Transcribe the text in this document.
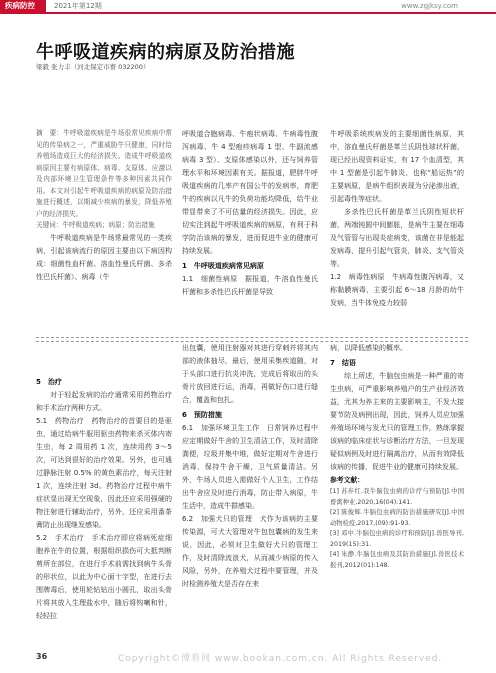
疾病防控	2021年第12期	www.zgjksy.com
牛呼吸道疾病的病原及防治措施
梁毅 张力丰（河北保定市畜 032200）

摘　要：牛呼吸道疾病是牛场很常见疾病中常见的传染病之一，严重威胁牛只健康，同时给养殖场造成巨大的经济损失。造成牛呼吸道疾病原因主要有病原体、病毒、支原体、应激以及内部环境卫生管理条件等多种因素共同作用。本文对引起牛呼吸道疾病的病原及防治措施进行概述，以期减少疾病的暴发，降低养殖户的经济损失。

关键词：牛呼吸道疾病；病原；防治措施

牛呼吸道疾病是牛场常最常见的一类疾病，引起该病流行的原因主要由以下病因构成：细菌性血杆菌、溶血性曼氏杆菌、多杀性巴氏杆菌）、病毒（牛

呼吸道合胞病毒、牛疱状病毒、牛病毒性腹泻病毒、牛 4 型疱疹病毒 1 型、牛副流感病毒 3 型）、支原体感染以外，还与饲养管理水平和环境因素有关。据报道，肥胖牛呼吸道疾病的几率产有国公牛的发病率，育肥牛的疾病以凡牛的负荷功能均降低，给牛业带显带来了不可估量的经济损失。因此，应切实注到起牛呼吸道疾病的病原，有利于科学防治该病的暴发，进而促进牛业的健康可持续发展。

1　牛呼吸道疾病常见病原

1.1　细菌性病原　据报道，牛溶血性曼氏杆菌和多杀性巴氏杆菌是导致

牛呼吸系统疾病发的主要细菌性病原，其中，溶血曼氏杆菌是革兰氏阴性球状杆菌，现已经出现资料证实，有 17 个血清型，其中 1 型菌是引起牛肺炎、也称“船运热”的主要病原，是病牛组织表现为分泌渗出液，引起毒性等症状。

多杀性巴氏杆菌是革兰氏阴性短状杆菌，两端钝圆中间膨胀，是病牛主要在细毒及气管管与出现炎症病变，该菌在非是能起发病毒，提升引起气管炎，肺炎、支气管炎等。

1.2　病毒性病原　牛病毒性腹泻病毒，又称黏膜病毒，主要引起 6～18 月龄的幼牛发病，当牛体免疫力较弱

5　治疗

对于轻起发病的治疗通常采用药物治疗和手术治疗两种方式。

5.1　药物治疗　药物治疗的首要目的是驱虫，通过给病牛服用驱虫药物来杀灭体内寄生虫，每 2 周用药 1 次，连续用药 3～5 次，可达到很好的治疗效果。另外，也可通过静脉注射 0.5% 的黄色素治疗，每天注射 1 次，连续注射 3d。药物治疗过程中病牛症状显出现无空现象，因此还应采用强硬的物注射进行辅助治疗，另外，还应采用番茶膏防止出现继发感染。

5.2　手术治疗　手术治疗即应将病死症细胞养在牛的位置，根据组织损伤可大抵判断剪所在部位，在进行手术前需找到病牛头骨的形状位，以此为中心面十字型，在进行去围牌毒后，使用轮钻钻出小圆孔，取出头骨片将其放入生理盐水中，随后将钩喇和针，轻轻拉

出包囊，使用注射器对其进行穿刺并将其内部的液体抽尽，最后，使用采集疾道随，对于头部口进行抗炎冲洗，完成后将取出的头骨片放回进行运，消毒，再做好伤口进行缝合，覆盖和包扎。

6　预防措施

6.1　加强环境卫生工作　日常饲养过程中应定期做好牛舍的卫生清洁工作，及时清除粪便，垃圾并集中堆，做好定期对牛舍进行消毒，保持牛舍干燥，卫气质量清洁。另外，牛场人员进入需做好个人卫生，工作结出牛舍应及时进行消毒，防止带入病原，牛生活中，造成牛群感染。

6.2　加强犬只的管理　犬作为该病的主要传染源，可犬大管理对牛包包囊病的发生来说，因此，必须对卫生做好犬只的管理工作，及时清除流浪犬，从而减少病原的传入风险，另外，在养殖犬过程中要管理，并及时检测养殖犬是否存在来

病，以降低感染的概率。

7　结语

综上所述，牛脑包虫病是一种严重的寄生虫病，可严重影响养殖户的生产业经济效益，尤其为养主来的主要影响主，不发大接要节防及病例出现，因此，饲养人员应加强养殖场环境与发尤只的管理工作，熟练掌握该病的临床症状与诊断治疗方法，一旦发现疑似病例及时进行隔离治疗，从而有效降低该病的传播，促进牛业的健康可持续发展。

参考文献：

[1] 苏步红.我牛脑包虫病的诊疗与预防[J].中国畜禽种业,2020,16(04):141.

[2] 陈俊辉.牛脑包虫病的防治措施研究[J].中国动物检疫,2017,(09):91-93.

[3] 邓中.牛脑包虫病的诊疗和预防[J].兽医导刊,2019(15):31.

[4] 朱静.牛脑包虫病及其防治措施[J].兽医技术报刊,2012(01):148.

36	Copyright©博看网 www.bookan.com.cn. All Rights Reserved.
